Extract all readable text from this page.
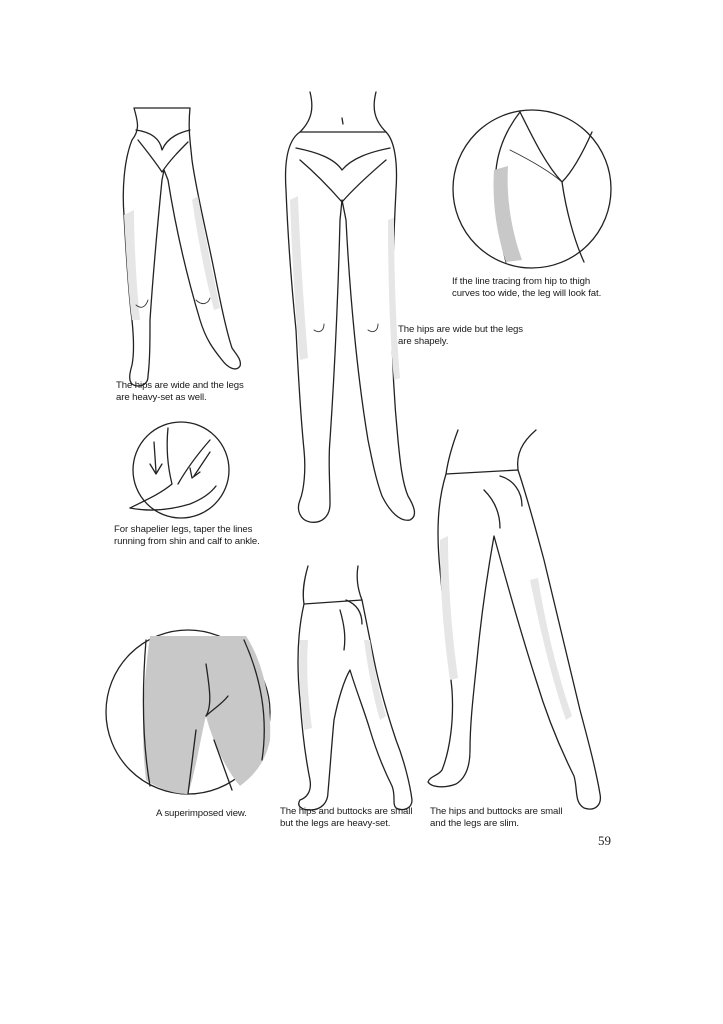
The hips are wide and the legs
are heavy-set as well.
The hips are wide but the legs
are shapely.
If the line tracing from hip to thigh
curves too wide, the leg will look fat.
For shapelier legs, taper the lines
running from shin and calf to ankle.
A superimposed view.	The hips and buttocks are small
but the legs are heavy-set.
The hips and buttocks are small
and the legs are slim.
59
